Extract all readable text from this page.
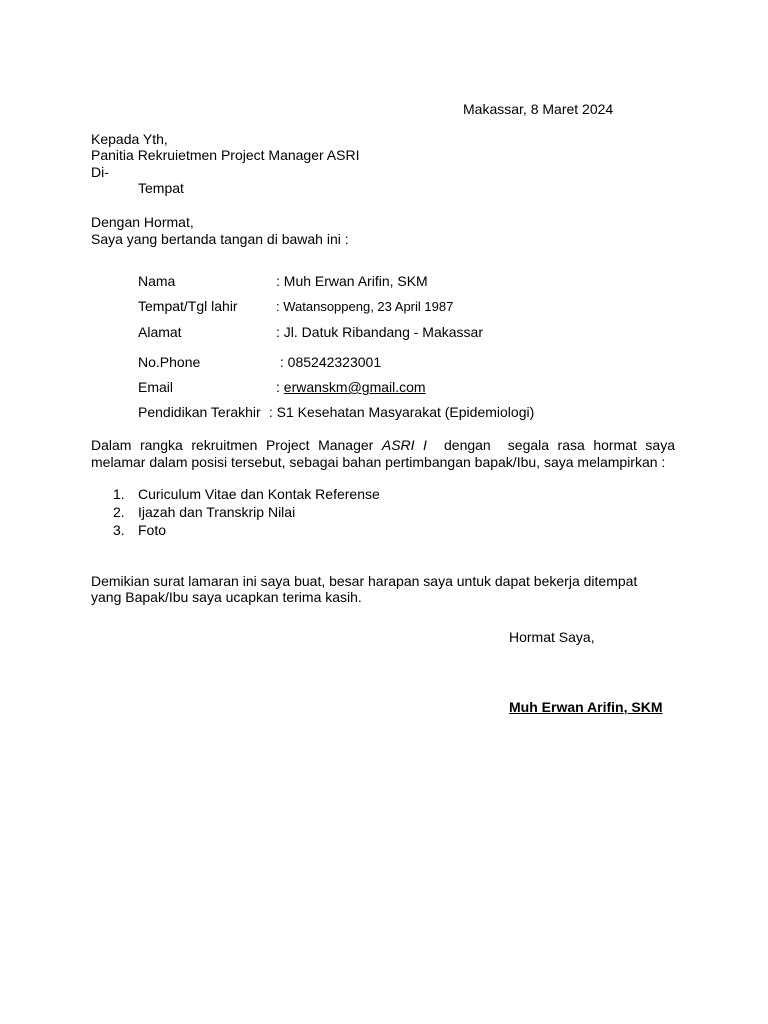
Makassar, 8 Maret 2024
Kepada Yth,
Panitia Rekruietmen Project Manager ASRI
Di-
Tempat
Dengan Hormat,
Saya yang bertanda tangan di bawah ini :
Nama	: Muh Erwan Arifin, SKM
Tempat/Tgl lahir	: Watansoppeng, 23 April 1987
Alamat	: Jl. Datuk Ribandang - Makassar
No.Phone	: 085242323001
Email	: erwanskm@gmail.com
Pendidikan Terakhir : S1 Kesehatan Masyarakat (Epidemiologi)
Dalam rangka rekruitmen Project Manager ASRI I  dengan  segala rasa hormat saya
melamar dalam posisi tersebut, sebagai bahan pertimbangan bapak/Ibu, saya melampirkan :
1. Curiculum Vitae dan Kontak Referense
2. Ijazah dan Transkrip Nilai
3. Foto
Demikian surat lamaran ini saya buat, besar harapan saya untuk dapat bekerja ditempat
yang Bapak/Ibu saya ucapkan terima kasih.
Hormat Saya,
Muh Erwan Arifin, SKM
